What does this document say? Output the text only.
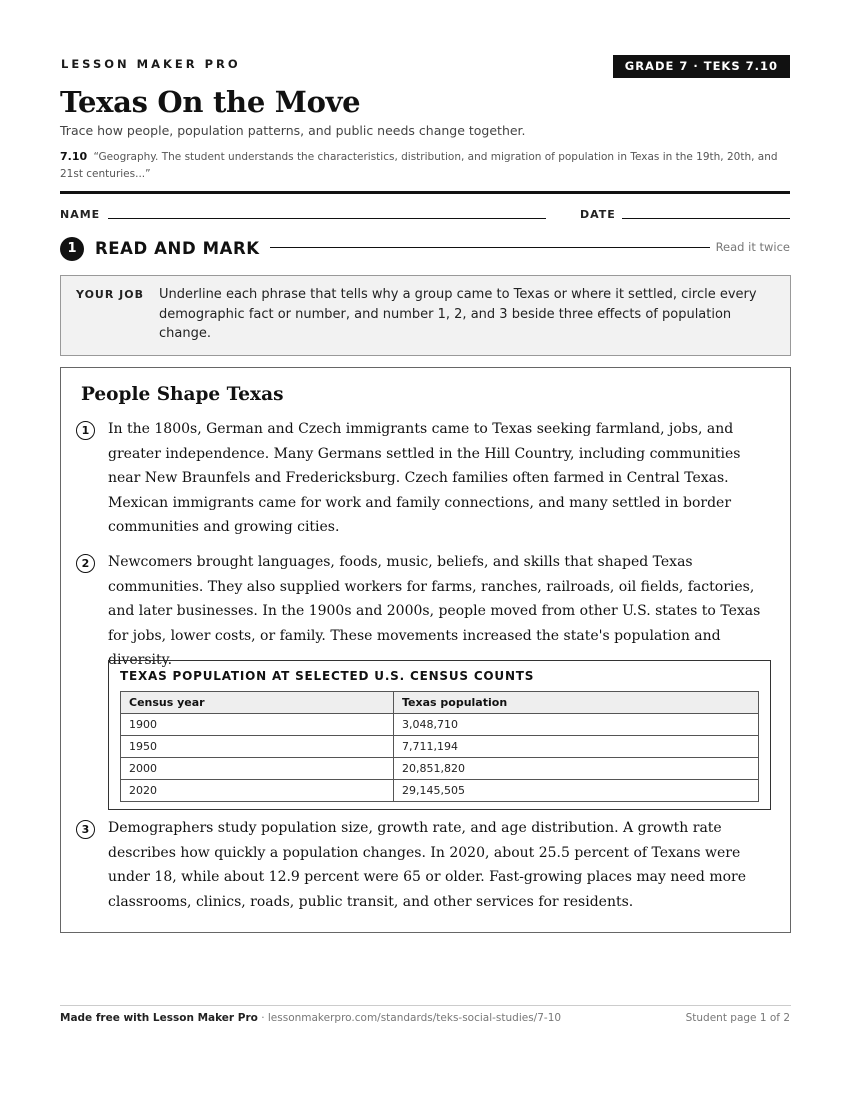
LESSON MAKER PRO	GRADE 7 · TEKS 7.10
Texas On the Move
Trace how people, population patterns, and public needs change together.
7.10 “Geography. The student understands the characteristics, distribution, and migration of population in Texas in the 19th, 20th, and 21st centuries...”
NAME	DATE
1	READ AND MARK	Read it twice
YOUR JOB Underline each phrase that tells why a group came to Texas or where it settled, circle every demographic fact or number, and number 1, 2, and 3 beside three effects of population change.
People Shape Texas
1	In the 1800s, German and Czech immigrants came to Texas seeking farmland, jobs, and greater independence. Many Germans settled in the Hill Country, including communities near New Braunfels and Fredericksburg. Czech families often farmed in Central Texas. Mexican immigrants came for work and family connections, and many settled in border communities and growing cities.
2	Newcomers brought languages, foods, music, beliefs, and skills that shaped Texas communities. They also supplied workers for farms, ranches, railroads, oil fields, factories, and later businesses. In the 1900s and 2000s, people moved from other U.S. states to Texas for jobs, lower costs, or family. These movements increased the state's population and diversity.
TEXAS POPULATION AT SELECTED U.S. CENSUS COUNTS
Census year	Texas population
1900	3,048,710
1950	7,711,194
2000	20,851,820
2020	29,145,505
3	Demographers study population size, growth rate, and age distribution. A growth rate describes how quickly a population changes. In 2020, about 25.5 percent of Texans were under 18, while about 12.9 percent were 65 or older. Fast-growing places may need more classrooms, clinics, roads, public transit, and other services for residents.
Made free with Lesson Maker Pro · lessonmakerpro.com/standards/teks-social-studies/7-10	Student page 1 of 2
